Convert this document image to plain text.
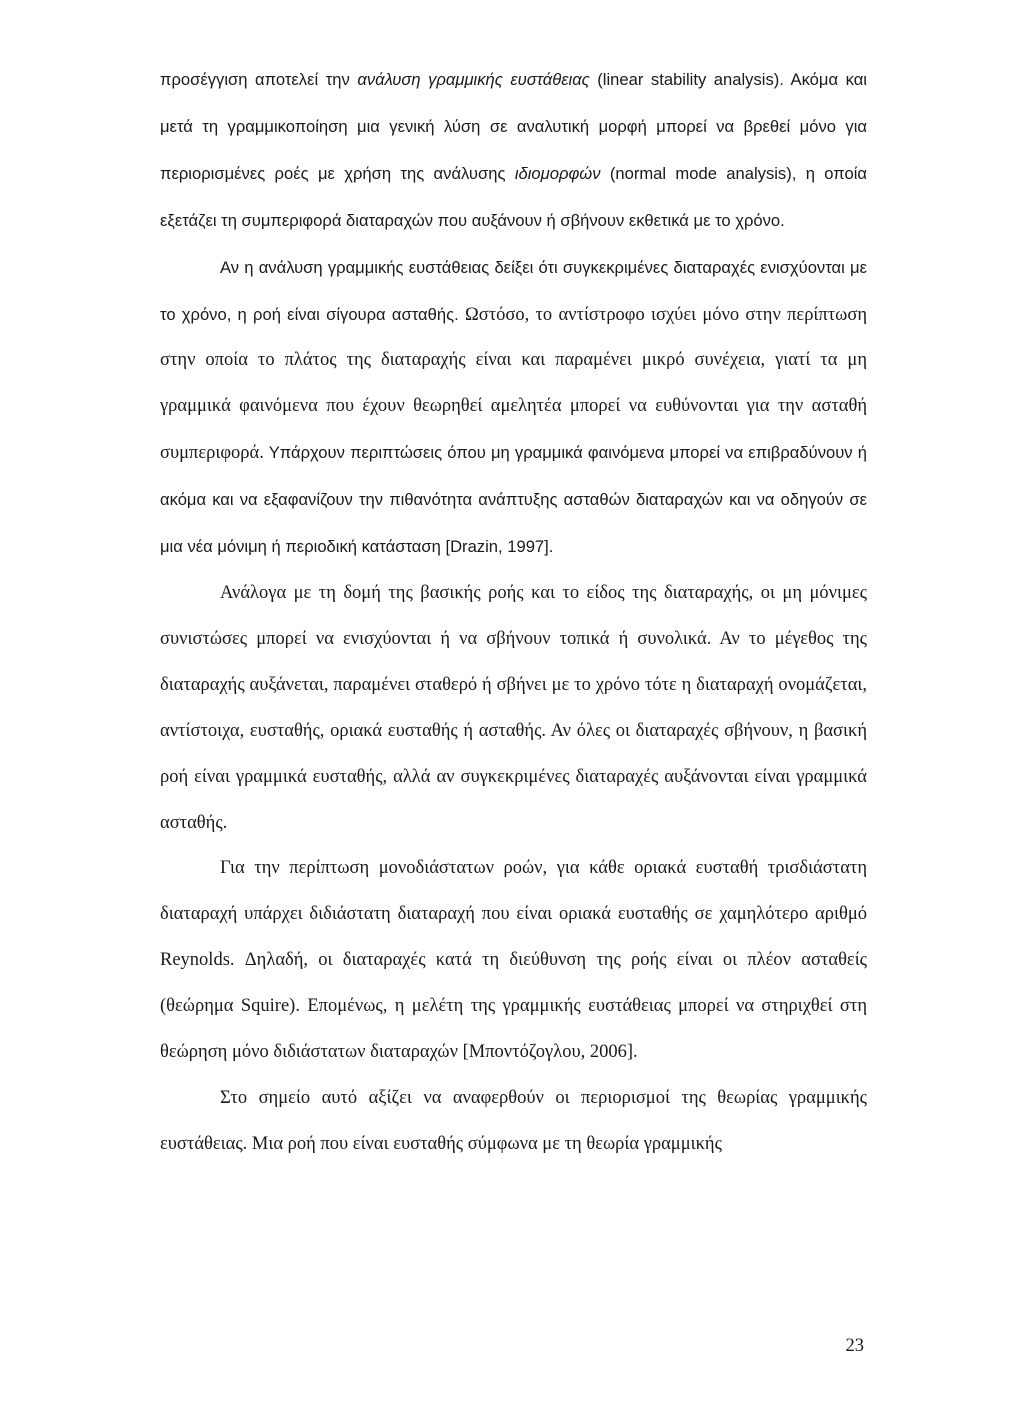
προσέγγιση αποτελεί την ανάλυση γραμμικής ευστάθειας (linear stability analysis). Ακόμα και μετά τη γραμμικοποίηση μια γενική λύση σε αναλυτική μορφή μπορεί να βρεθεί μόνο για περιορισμένες ροές με χρήση της ανάλυσης ιδιομορφών (normal mode analysis), η οποία εξετάζει τη συμπεριφορά διαταραχών που αυξάνουν ή σβήνουν εκθετικά με το χρόνο.

Αν η ανάλυση γραμμικής ευστάθειας δείξει ότι συγκεκριμένες διαταραχές ενισχύονται με το χρόνο, η ροή είναι σίγουρα ασταθής. Ωστόσο, το αντίστροφο ισχύει μόνο στην περίπτωση στην οποία το πλάτος της διαταραχής είναι και παραμένει μικρό συνέχεια, γιατί τα μη γραμμικά φαινόμενα που έχουν θεωρηθεί αμελητέα μπορεί να ευθύνονται για την ασταθή συμπεριφορά. Υπάρχουν περιπτώσεις όπου μη γραμμικά φαινόμενα μπορεί να επιβραδύνουν ή ακόμα και να εξαφανίζουν την πιθανότητα ανάπτυξης ασταθών διαταραχών και να οδηγούν σε μια νέα μόνιμη ή περιοδική κατάσταση [Drazin, 1997].

Ανάλογα με τη δομή της βασικής ροής και το είδος της διαταραχής, οι μη μόνιμες συνιστώσες μπορεί να ενισχύονται ή να σβήνουν τοπικά ή συνολικά. Αν το μέγεθος της διαταραχής αυξάνεται, παραμένει σταθερό ή σβήνει με το χρόνο τότε η διαταραχή ονομάζεται, αντίστοιχα, ευσταθής, οριακά ευσταθής ή ασταθής. Αν όλες οι διαταραχές σβήνουν, η βασική ροή είναι γραμμικά ευσταθής, αλλά αν συγκεκριμένες διαταραχές αυξάνονται είναι γραμμικά ασταθής.

Για την περίπτωση μονοδιάστατων ροών, για κάθε οριακά ευσταθή τρισδιάστατη διαταραχή υπάρχει διδιάστατη διαταραχή που είναι οριακά ευσταθής σε χαμηλότερο αριθμό Reynolds. Δηλαδή, οι διαταραχές κατά τη διεύθυνση της ροής είναι οι πλέον ασταθείς (θεώρημα Squire). Επομένως, η μελέτη της γραμμικής ευστάθειας μπορεί να στηριχθεί στη θεώρηση μόνο διδιάστατων διαταραχών [Μποντόζογλου, 2006].

Στο σημείο αυτό αξίζει να αναφερθούν οι περιορισμοί της θεωρίας γραμμικής ευστάθειας. Μια ροή που είναι ευσταθής σύμφωνα με τη θεωρία γραμμικής

23
